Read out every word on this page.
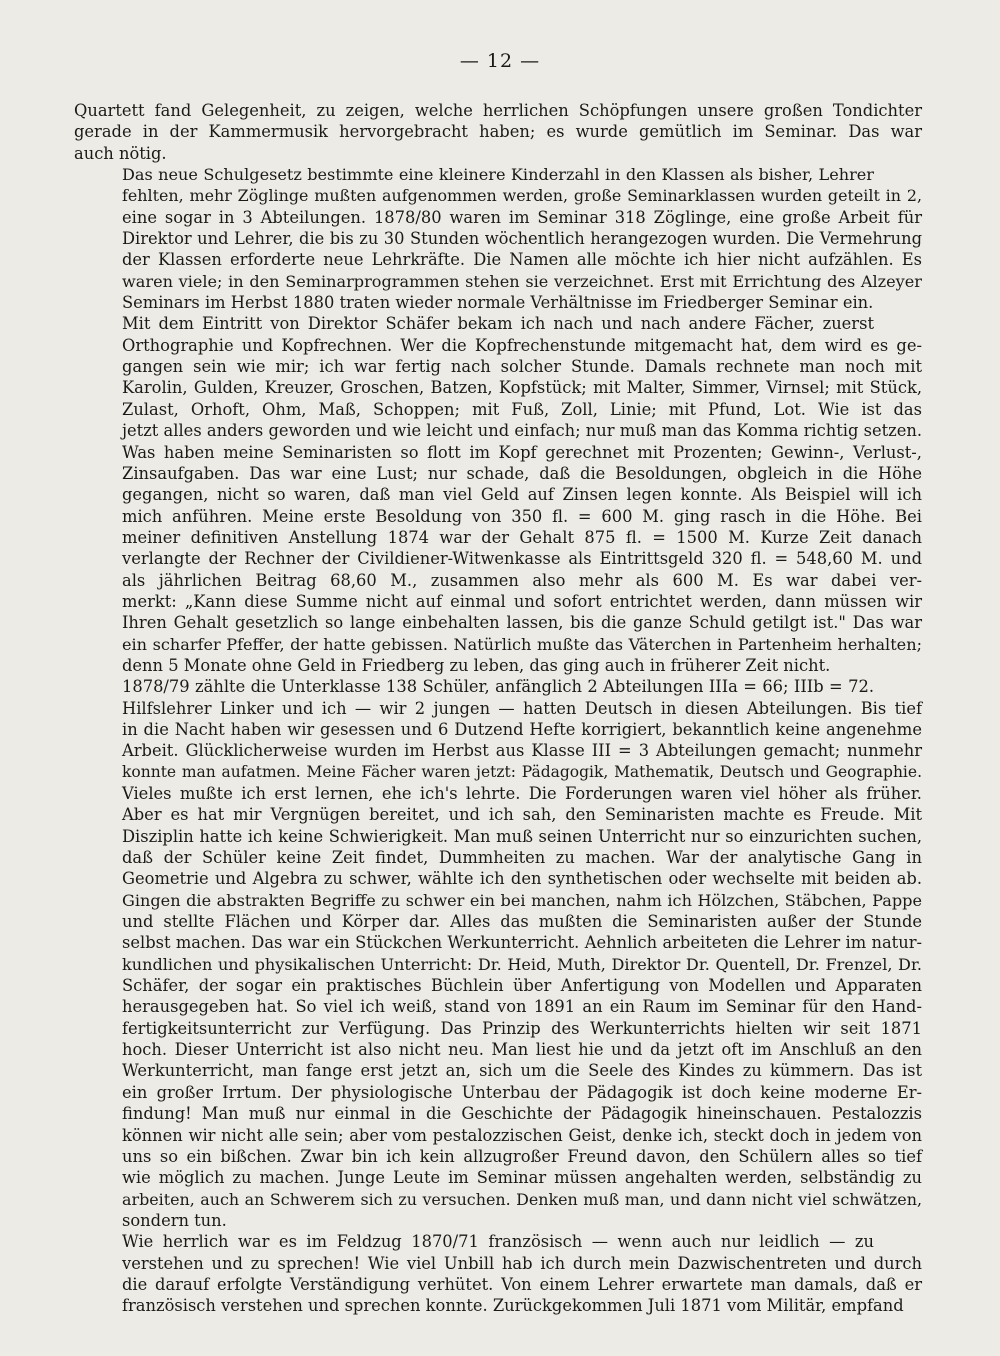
— 12 —
Quartett fand Gelegenheit, zu zeigen, welche herrlichen Schöpfungen unsere großen Tondichter
gerade in der Kammermusik hervorgebracht haben; es wurde gemütlich im Seminar. Das war
auch nötig.
Das neue Schulgesetz bestimmte eine kleinere Kinderzahl in den Klassen als bisher, Lehrer
fehlten, mehr Zöglinge mußten aufgenommen werden, große Seminarklassen wurden geteilt in 2,
eine sogar in 3 Abteilungen. 1878/80 waren im Seminar 318 Zöglinge, eine große Arbeit für
Direktor und Lehrer, die bis zu 30 Stunden wöchentlich herangezogen wurden. Die Vermehrung
der Klassen erforderte neue Lehrkräfte. Die Namen alle möchte ich hier nicht aufzählen. Es
waren viele; in den Seminarprogrammen stehen sie verzeichnet. Erst mit Errichtung des Alzeyer
Seminars im Herbst 1880 traten wieder normale Verhältnisse im Friedberger Seminar ein.
Mit dem Eintritt von Direktor Schäfer bekam ich nach und nach andere Fächer, zuerst
Orthographie und Kopfrechnen. Wer die Kopfrechenstunde mitgemacht hat, dem wird es ge-
gangen sein wie mir; ich war fertig nach solcher Stunde. Damals rechnete man noch mit
Karolin, Gulden, Kreuzer, Groschen, Batzen, Kopfstück; mit Malter, Simmer, Virnsel; mit Stück,
Zulast, Orhoft, Ohm, Maß, Schoppen; mit Fuß, Zoll, Linie; mit Pfund, Lot. Wie ist das
jetzt alles anders geworden und wie leicht und einfach; nur muß man das Komma richtig setzen.
Was haben meine Seminaristen so flott im Kopf gerechnet mit Prozenten; Gewinn-, Verlust-,
Zinsaufgaben. Das war eine Lust; nur schade, daß die Besoldungen, obgleich in die Höhe
gegangen, nicht so waren, daß man viel Geld auf Zinsen legen konnte. Als Beispiel will ich
mich anführen. Meine erste Besoldung von 350 fl. = 600 M. ging rasch in die Höhe. Bei
meiner definitiven Anstellung 1874 war der Gehalt 875 fl. = 1500 M. Kurze Zeit danach
verlangte der Rechner der Civildiener-Witwenkasse als Eintrittsgeld 320 fl. = 548,60 M. und
als jährlichen Beitrag 68,60 M., zusammen also mehr als 600 M. Es war dabei ver-
merkt: „Kann diese Summe nicht auf einmal und sofort entrichtet werden, dann müssen wir
Ihren Gehalt gesetzlich so lange einbehalten lassen, bis die ganze Schuld getilgt ist." Das war
ein scharfer Pfeffer, der hatte gebissen. Natürlich mußte das Väterchen in Partenheim herhalten;
denn 5 Monate ohne Geld in Friedberg zu leben, das ging auch in früherer Zeit nicht.
1878/79 zählte die Unterklasse 138 Schüler, anfänglich 2 Abteilungen IIIa = 66; IIIb = 72.
Hilfslehrer Linker und ich — wir 2 jungen — hatten Deutsch in diesen Abteilungen. Bis tief
in die Nacht haben wir gesessen und 6 Dutzend Hefte korrigiert, bekanntlich keine angenehme
Arbeit. Glücklicherweise wurden im Herbst aus Klasse III = 3 Abteilungen gemacht; nunmehr
konnte man aufatmen. Meine Fächer waren jetzt: Pädagogik, Mathematik, Deutsch und Geographie.
Vieles mußte ich erst lernen, ehe ich's lehrte. Die Forderungen waren viel höher als früher.
Aber es hat mir Vergnügen bereitet, und ich sah, den Seminaristen machte es Freude. Mit
Disziplin hatte ich keine Schwierigkeit. Man muß seinen Unterricht nur so einzurichten suchen,
daß der Schüler keine Zeit findet, Dummheiten zu machen. War der analytische Gang in
Geometrie und Algebra zu schwer, wählte ich den synthetischen oder wechselte mit beiden ab.
Gingen die abstrakten Begriffe zu schwer ein bei manchen, nahm ich Hölzchen, Stäbchen, Pappe
und stellte Flächen und Körper dar. Alles das mußten die Seminaristen außer der Stunde
selbst machen. Das war ein Stückchen Werkunterricht. Aehnlich arbeiteten die Lehrer im natur-
kundlichen und physikalischen Unterricht: Dr. Heid, Muth, Direktor Dr. Quentell, Dr. Frenzel, Dr.
Schäfer, der sogar ein praktisches Büchlein über Anfertigung von Modellen und Apparaten
herausgegeben hat. So viel ich weiß, stand von 1891 an ein Raum im Seminar für den Hand-
fertigkeitsunterricht zur Verfügung. Das Prinzip des Werkunterrichts hielten wir seit 1871
hoch. Dieser Unterricht ist also nicht neu. Man liest hie und da jetzt oft im Anschluß an den
Werkunterricht, man fange erst jetzt an, sich um die Seele des Kindes zu kümmern. Das ist
ein großer Irrtum. Der physiologische Unterbau der Pädagogik ist doch keine moderne Er-
findung! Man muß nur einmal in die Geschichte der Pädagogik hineinschauen. Pestalozzis
können wir nicht alle sein; aber vom pestalozzischen Geist, denke ich, steckt doch in jedem von
uns so ein bißchen. Zwar bin ich kein allzugroßer Freund davon, den Schülern alles so tief
wie möglich zu machen. Junge Leute im Seminar müssen angehalten werden, selbständig zu
arbeiten, auch an Schwerem sich zu versuchen. Denken muß man, und dann nicht viel schwätzen,
sondern tun.
Wie herrlich war es im Feldzug 1870/71 französisch — wenn auch nur leidlich — zu
verstehen und zu sprechen! Wie viel Unbill hab ich durch mein Dazwischentreten und durch
die darauf erfolgte Verständigung verhütet. Von einem Lehrer erwartete man damals, daß er
französisch verstehen und sprechen konnte. Zurückgekommen Juli 1871 vom Militär, empfand
